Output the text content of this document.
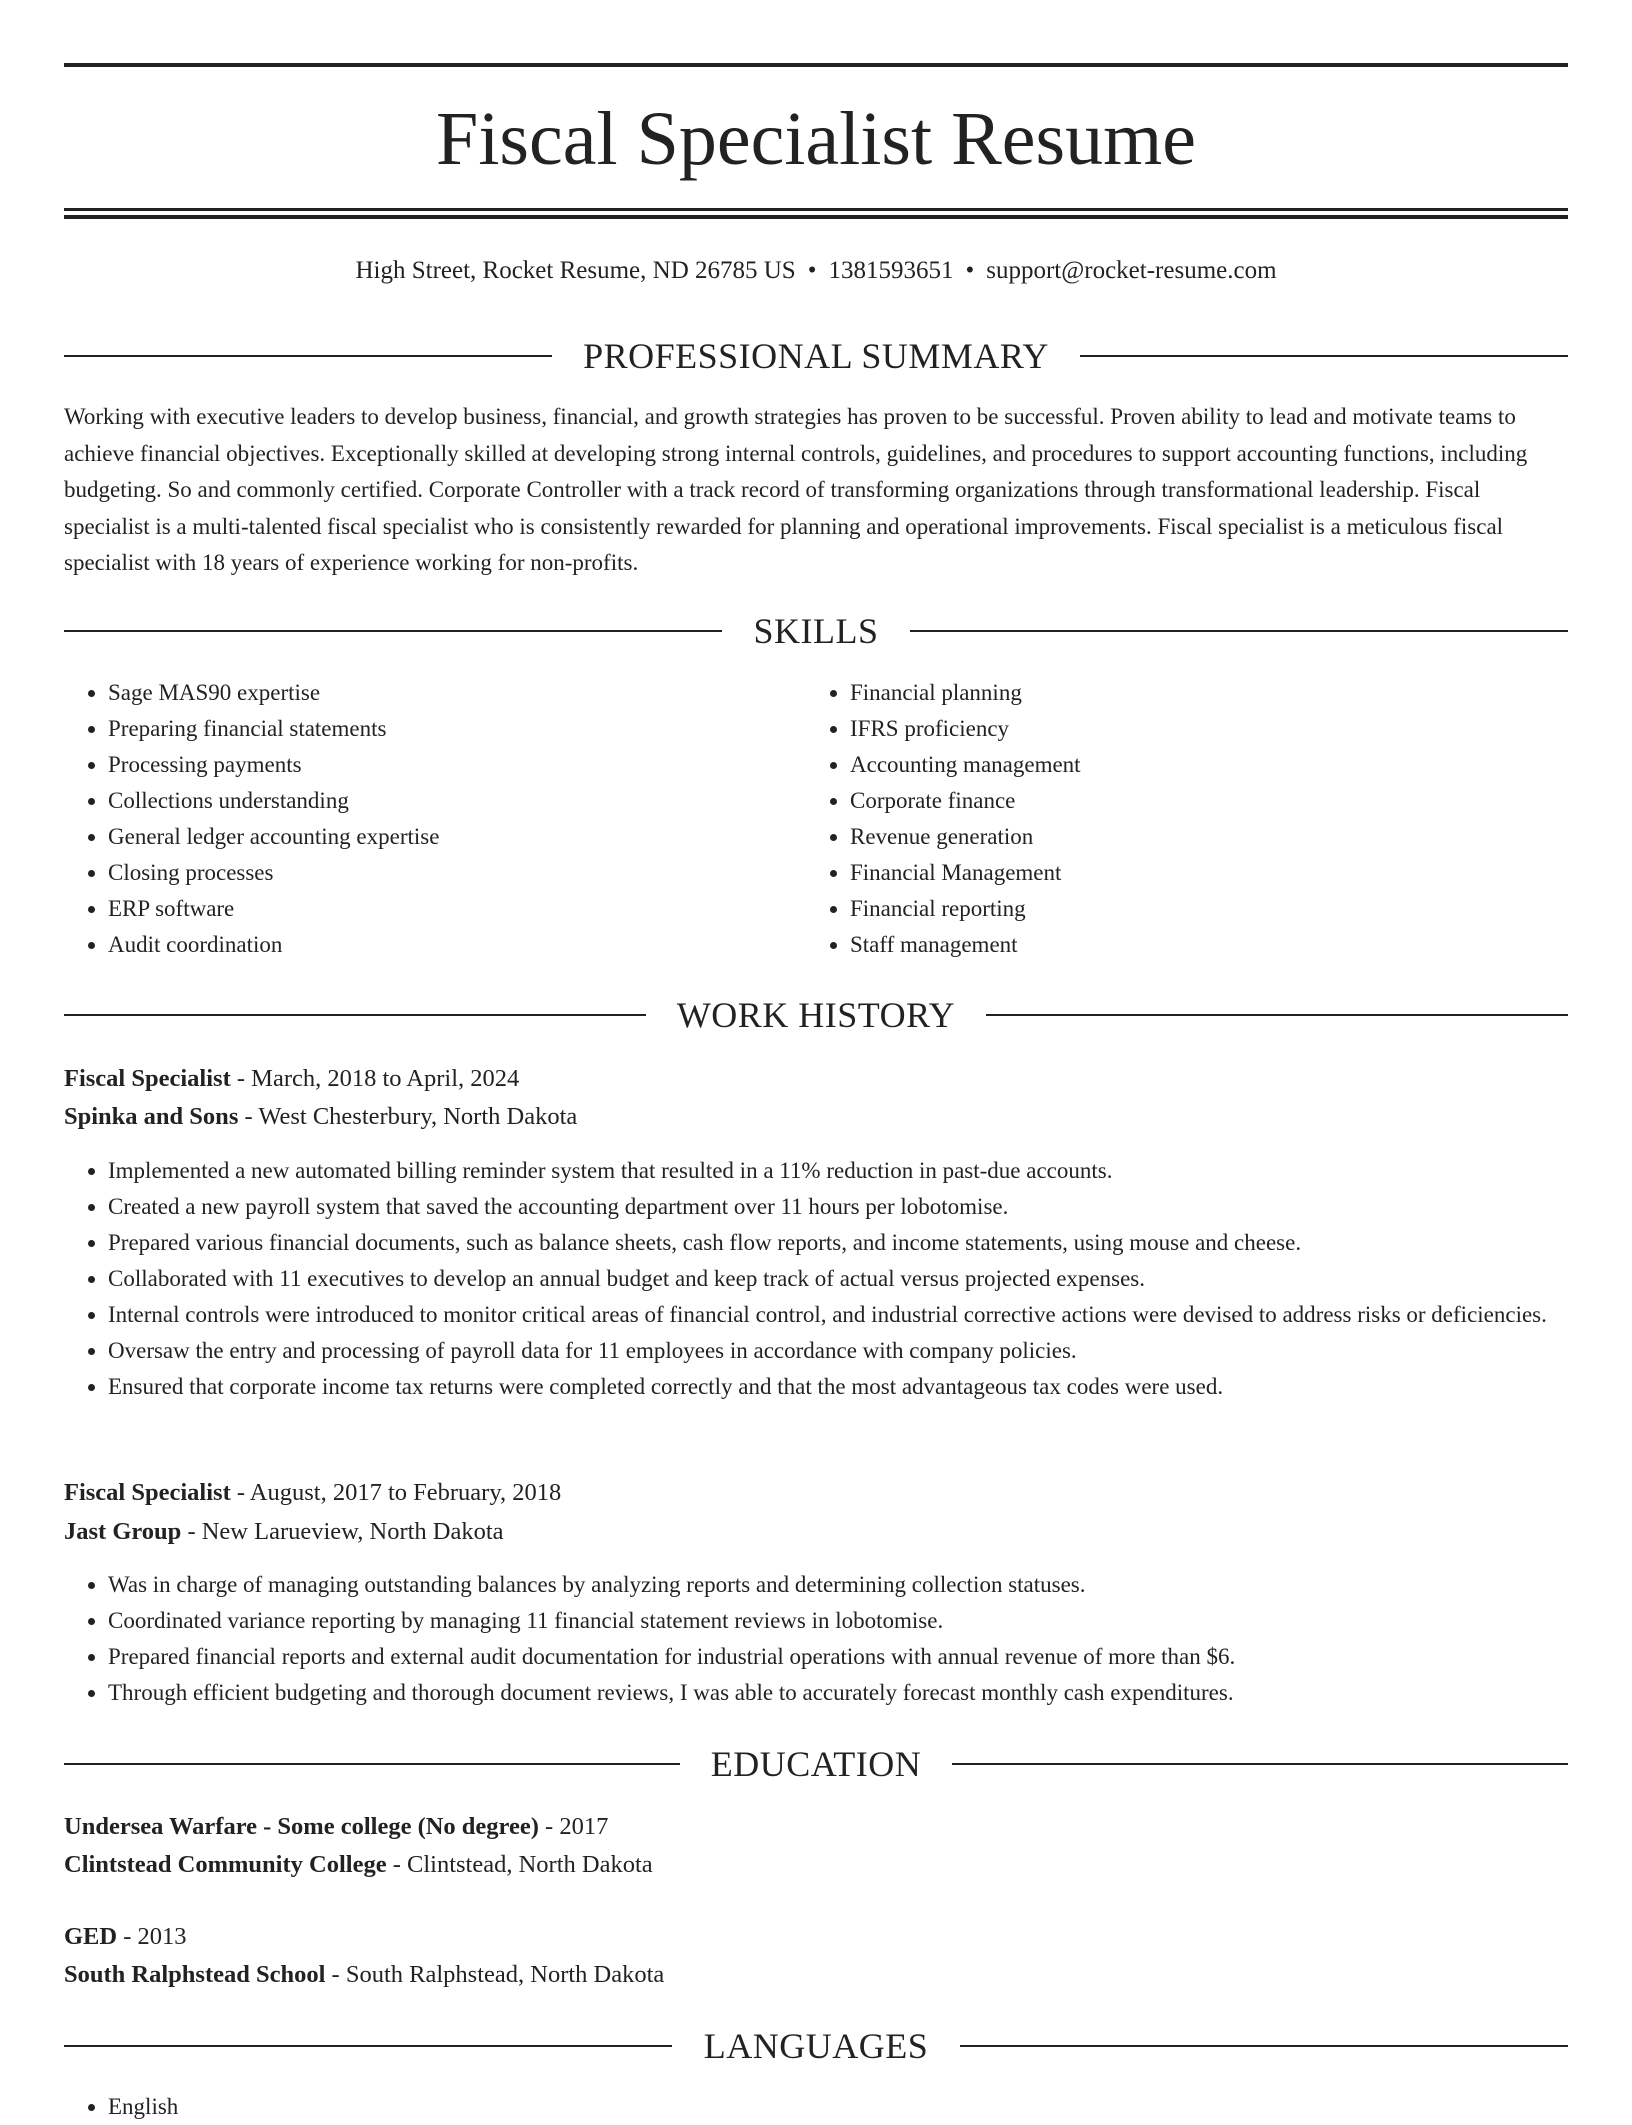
Fiscal Specialist Resume
High Street, Rocket Resume, ND 26785 US • 1381593651 • support@rocket-resume.com
PROFESSIONAL SUMMARY

Working with executive leaders to develop business, financial, and growth strategies has proven to be successful. Proven ability to lead and motivate teams to achieve financial objectives. Exceptionally skilled at developing strong internal controls, guidelines, and procedures to support accounting functions, including budgeting. So and commonly certified. Corporate Controller with a track record of transforming organizations through transformational leadership. Fiscal specialist is a multi-talented fiscal specialist who is consistently rewarded for planning and operational improvements. Fiscal specialist is a meticulous fiscal specialist with 18 years of experience working for non-profits.

SKILLS
• Sage MAS90 expertise
• Preparing financial statements
• Processing payments
• Collections understanding
• General ledger accounting expertise
• Closing processes
• ERP software
• Audit coordination
• Financial planning
• IFRS proficiency
• Accounting management
• Corporate finance
• Revenue generation
• Financial Management
• Financial reporting
• Staff management
WORK HISTORY
Fiscal Specialist - March, 2018 to April, 2024
Spinka and Sons - West Chesterbury, North Dakota
• Implemented a new automated billing reminder system that resulted in a 11% reduction in past-due accounts.
• Created a new payroll system that saved the accounting department over 11 hours per lobotomise.
• Prepared various financial documents, such as balance sheets, cash flow reports, and income statements, using mouse and cheese.
• Collaborated with 11 executives to develop an annual budget and keep track of actual versus projected expenses.
• Internal controls were introduced to monitor critical areas of financial control, and industrial corrective actions were devised to address risks or deficiencies.
• Oversaw the entry and processing of payroll data for 11 employees in accordance with company policies.
• Ensured that corporate income tax returns were completed correctly and that the most advantageous tax codes were used.
Fiscal Specialist - August, 2017 to February, 2018
Jast Group - New Larueview, North Dakota
• Was in charge of managing outstanding balances by analyzing reports and determining collection statuses.
• Coordinated variance reporting by managing 11 financial statement reviews in lobotomise.
• Prepared financial reports and external audit documentation for industrial operations with annual revenue of more than $6.
• Through efficient budgeting and thorough document reviews, I was able to accurately forecast monthly cash expenditures.
EDUCATION
Undersea Warfare - Some college (No degree) - 2017
Clintstead Community College - Clintstead, North Dakota
GED - 2013
South Ralphstead School - South Ralphstead, North Dakota
LANGUAGES
• English
